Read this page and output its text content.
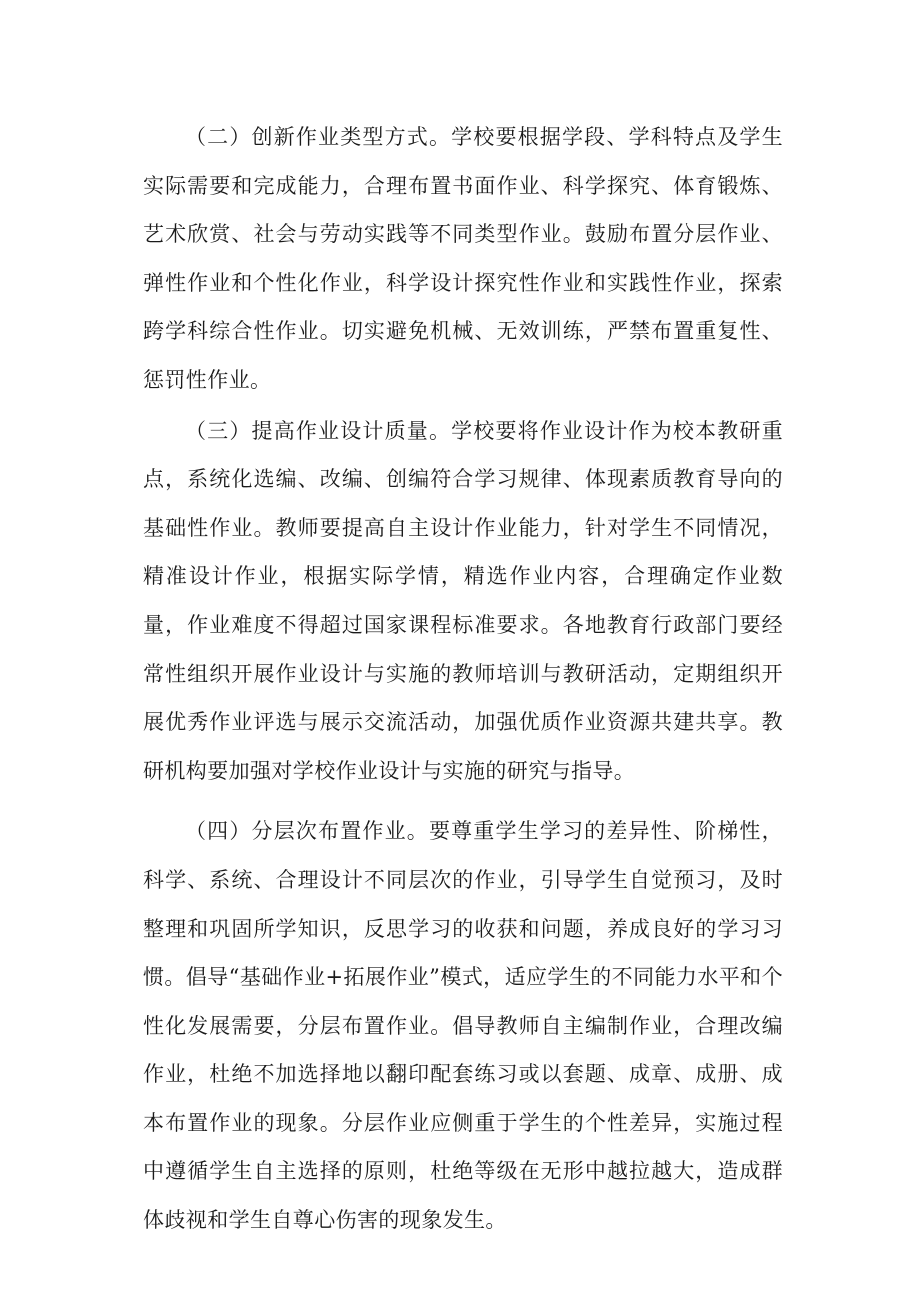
（二）创新作业类型方式。学校要根据学段、学科特点及学生实际需要和完成能力，合理布置书面作业、科学探究、体育锻炼、艺术欣赏、社会与劳动实践等不同类型作业。鼓励布置分层作业、弹性作业和个性化作业，科学设计探究性作业和实践性作业，探索跨学科综合性作业。切实避免机械、无效训练，严禁布置重复性、惩罚性作业。

（三）提高作业设计质量。学校要将作业设计作为校本教研重点，系统化选编、改编、创编符合学习规律、体现素质教育导向的基础性作业。教师要提高自主设计作业能力，针对学生不同情况，精准设计作业，根据实际学情，精选作业内容，合理确定作业数量，作业难度不得超过国家课程标准要求。各地教育行政部门要经常性组织开展作业设计与实施的教师培训与教研活动，定期组织开展优秀作业评选与展示交流活动，加强优质作业资源共建共享。教研机构要加强对学校作业设计与实施的研究与指导。

（四）分层次布置作业。要尊重学生学习的差异性、阶梯性，科学、系统、合理设计不同层次的作业，引导学生自觉预习，及时整理和巩固所学知识，反思学习的收获和问题，养成良好的学习习惯。倡导“基础作业+拓展作业”模式，适应学生的不同能力水平和个性化发展需要，分层布置作业。倡导教师自主编制作业，合理改编作业，杜绝不加选择地以翻印配套练习或以套题、成章、成册、成本布置作业的现象。分层作业应侧重于学生的个性差异，实施过程中遵循学生自主选择的原则，杜绝等级在无形中越拉越大，造成群体歧视和学生自尊心伤害的现象发生。
